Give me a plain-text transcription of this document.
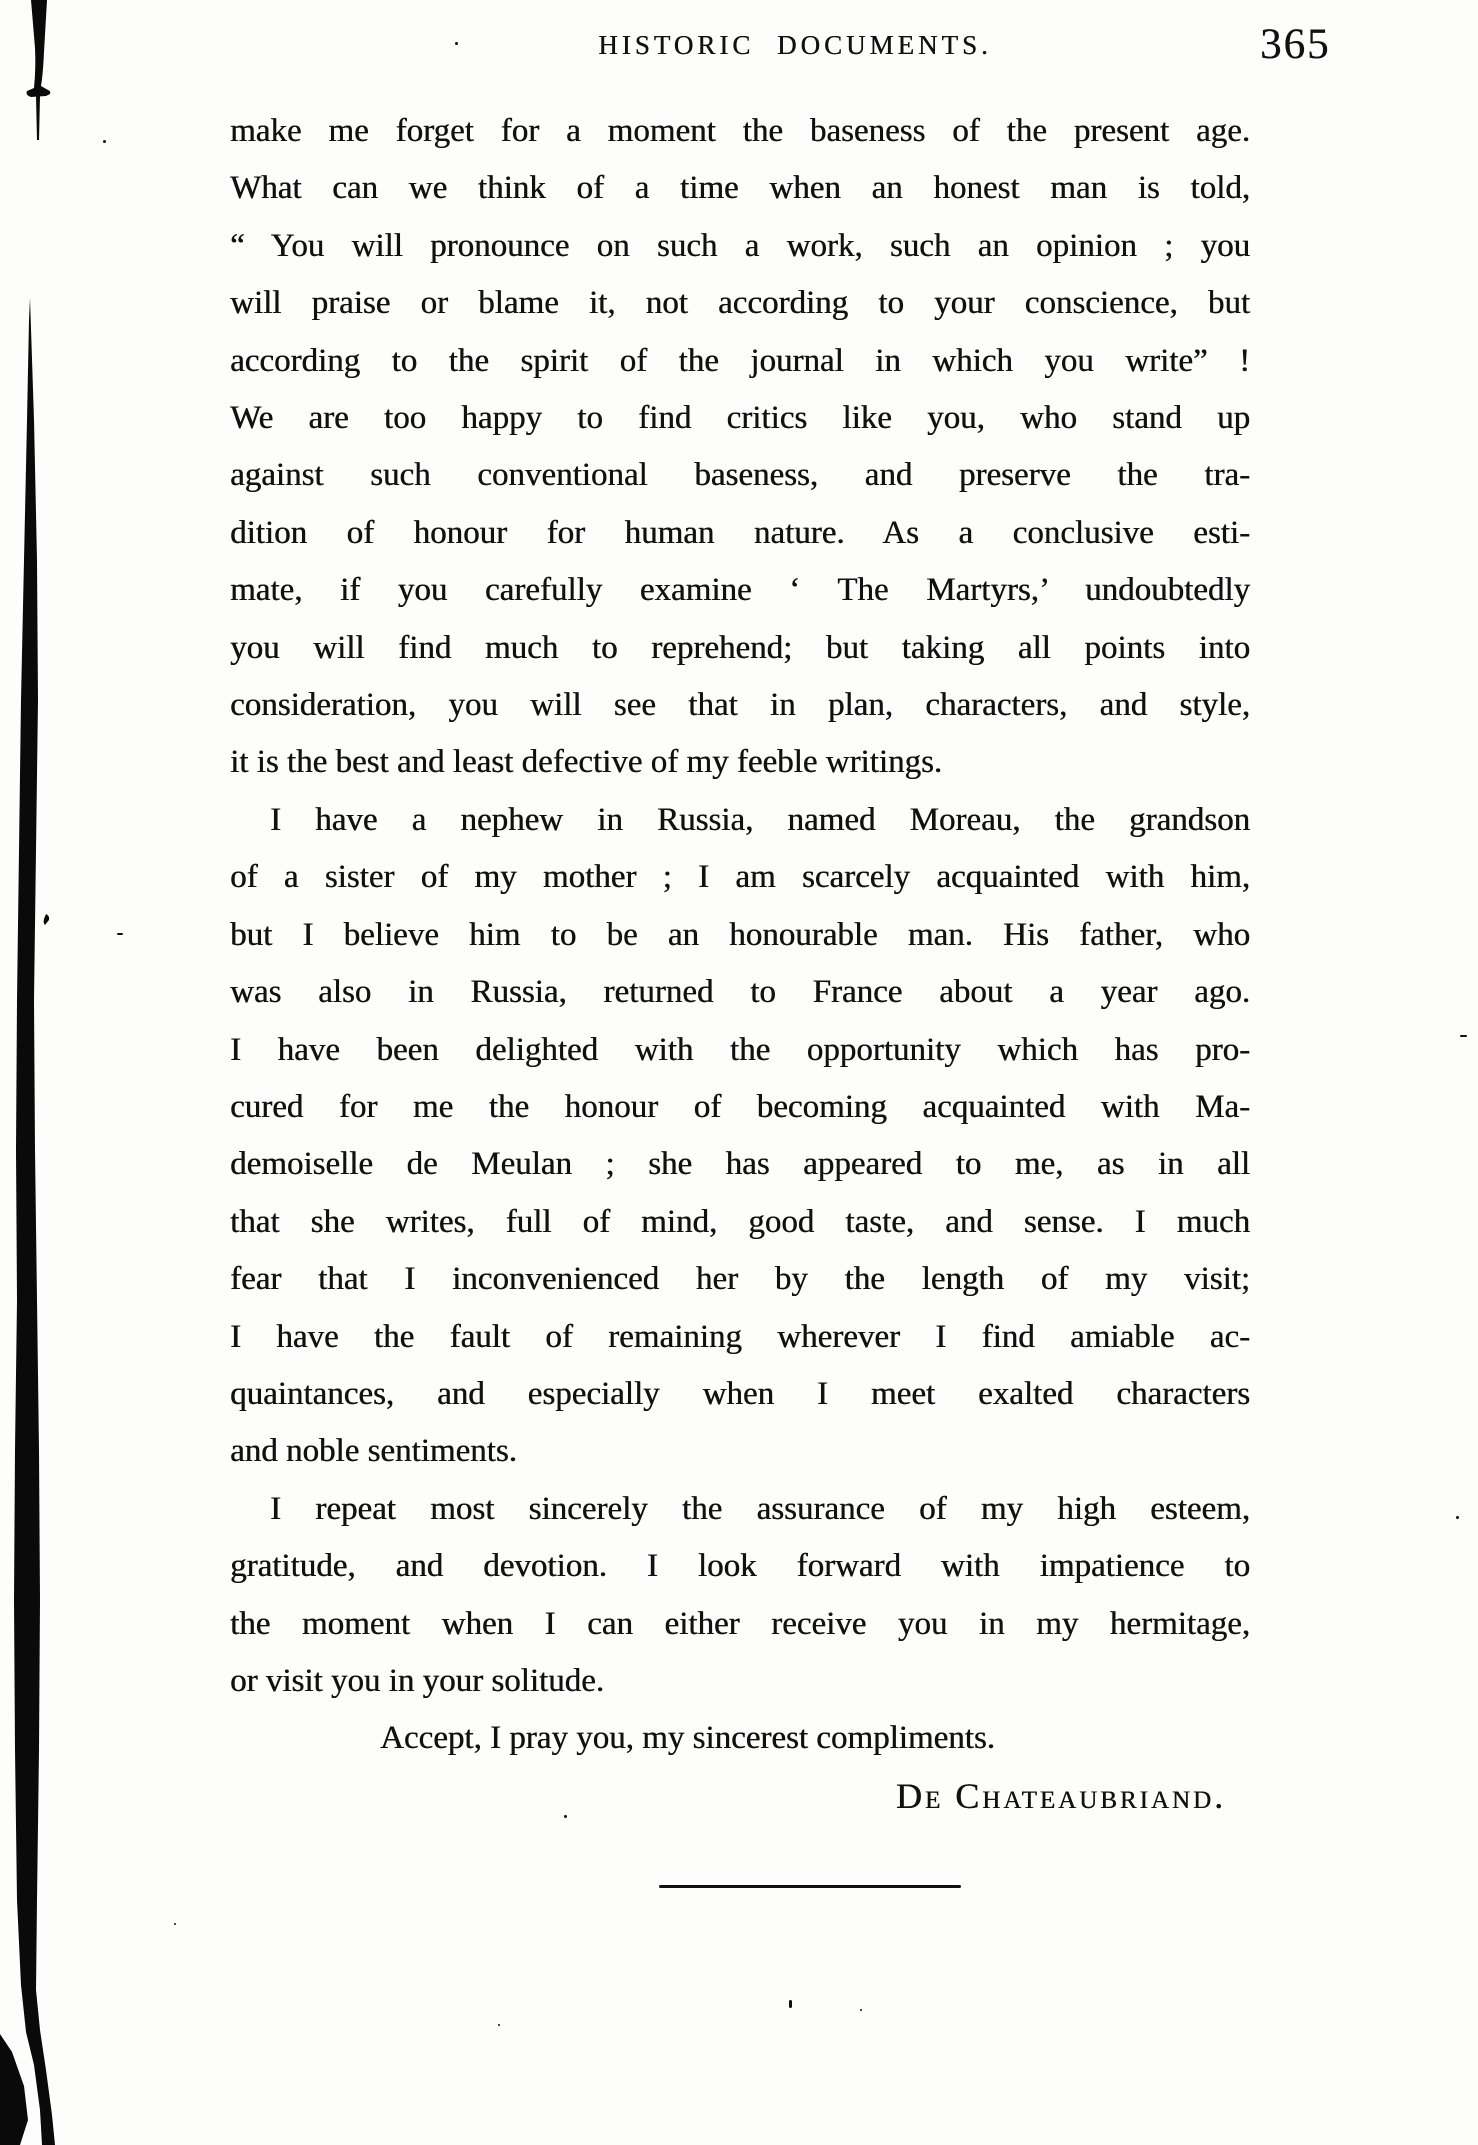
HISTORIC DOCUMENTS.	365
make me forget for a moment the baseness of the present age.
What can we think of a time when an honest man is told,
“ You will pronounce on such a work, such an opinion ; you
will praise or blame it, not according to your conscience, but
according to the spirit of the journal in which you write” !
We are too happy to find critics like you, who stand up
against such conventional baseness, and preserve the tra-
dition of honour for human nature. As a conclusive esti-
mate, if you carefully examine ‘ The Martyrs,’ undoubtedly
you will find much to reprehend; but taking all points into
consideration, you will see that in plan, characters, and style,
it is the best and least defective of my feeble writings.
I have a nephew in Russia, named Moreau, the grandson
of a sister of my mother ; I am scarcely acquainted with him,
but I believe him to be an honourable man. His father, who
was also in Russia, returned to France about a year ago.
I have been delighted with the opportunity which has pro-
cured for me the honour of becoming acquainted with Ma-
demoiselle de Meulan ; she has appeared to me, as in all
that she writes, full of mind, good taste, and sense. I much
fear that I inconvenienced her by the length of my visit;
I have the fault of remaining wherever I find amiable ac-
quaintances, and especially when I meet exalted characters
and noble sentiments.
I repeat most sincerely the assurance of my high esteem,
gratitude, and devotion. I look forward with impatience to
the moment when I can either receive you in my hermitage,
or visit you in your solitude.
Accept, I pray you, my sincerest compliments.
De Chateaubriand.
